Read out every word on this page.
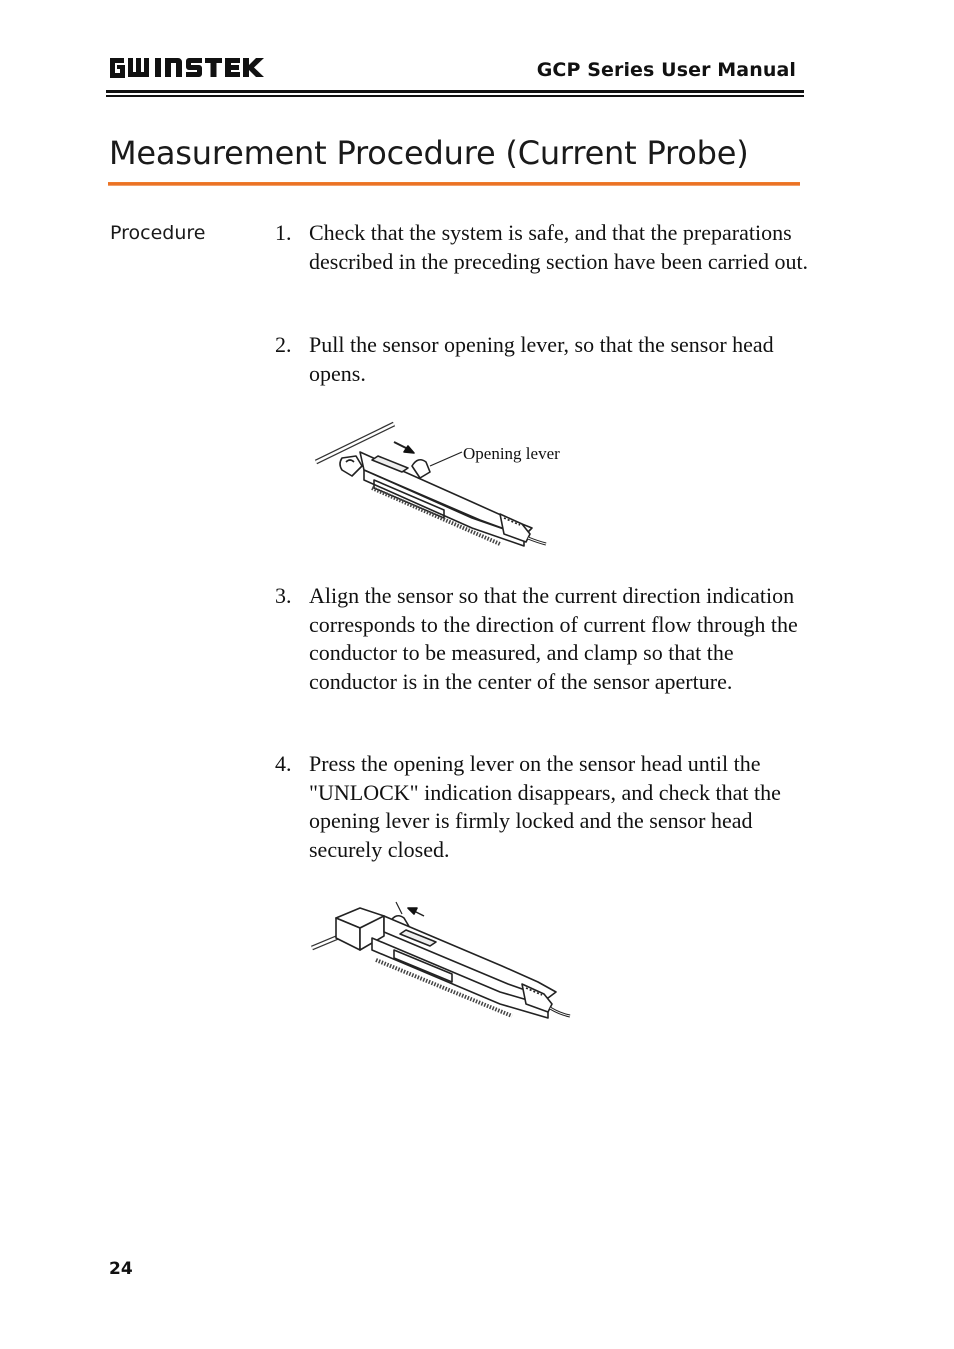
GCP Series User Manual
Measurement Procedure (Current Probe)
Procedure	1. Check that the system is safe, and that the preparations described in the preceding section have been carried out.
2. Pull the sensor opening lever, so that the sensor head opens.
Opening lever
3. Align the sensor so that the current direction indication corresponds to the direction of current flow through the conductor to be measured, and clamp so that the conductor is in the center of the sensor aperture.
4. Press the opening lever on the sensor head until the "UNLOCK" indication disappears, and check that the opening lever is firmly locked and the sensor head securely closed.
24
